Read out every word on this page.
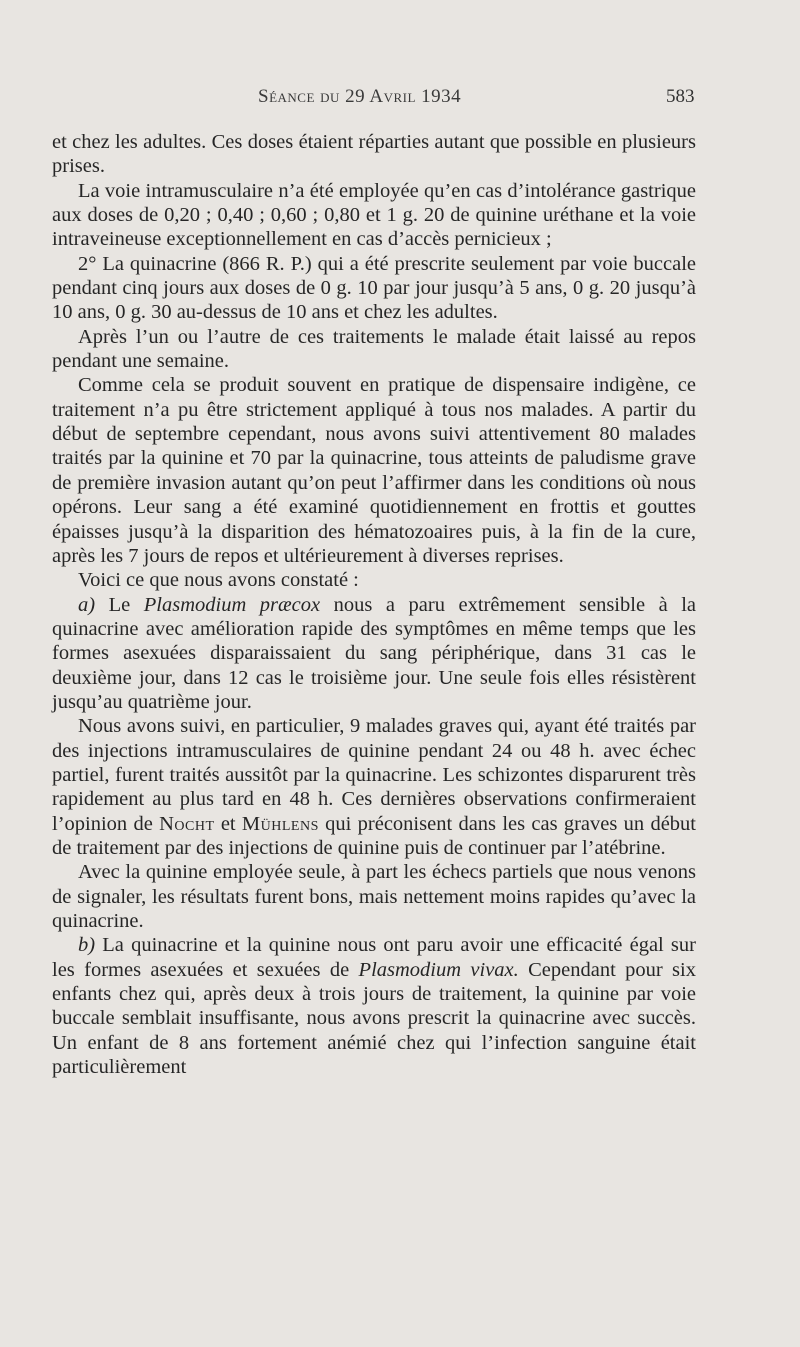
Séance du 29 Avril 1934	583

et chez les adultes. Ces doses étaient réparties autant que possible en plusieurs prises.

La voie intramusculaire n’a été employée qu’en cas d’intolérance gastrique aux doses de 0,20 ; 0,40 ; 0,60 ; 0,80 et 1 g. 20 de quinine uréthane et la voie intraveineuse exceptionnellement en cas d’accès pernicieux ;

2° La quinacrine (866 R. P.) qui a été prescrite seulement par voie buccale pendant cinq jours aux doses de 0 g. 10 par jour jusqu’à 5 ans, 0 g. 20 jusqu’à 10 ans, 0 g. 30 au-dessus de 10 ans et chez les adultes.

Après l’un ou l’autre de ces traitements le malade était laissé au repos pendant une semaine.

Comme cela se produit souvent en pratique de dispensaire indigène, ce traitement n’a pu être strictement appliqué à tous nos malades. A partir du début de septembre cependant, nous avons suivi attentivement 80 malades traités par la quinine et 70 par la quinacrine, tous atteints de paludisme grave de première invasion autant qu’on peut l’affirmer dans les conditions où nous opérons. Leur sang a été examiné quotidiennement en frottis et gouttes épaisses jusqu’à la disparition des hématozoaires puis, à la fin de la cure, après les 7 jours de repos et ultérieurement à diverses reprises.

Voici ce que nous avons constaté :

a) Le Plasmodium præcox nous a paru extrêmement sensible à la quinacrine avec amélioration rapide des symptômes en même temps que les formes asexuées disparaissaient du sang périphérique, dans 31 cas le deuxième jour, dans 12 cas le troisième jour. Une seule fois elles résistèrent jusqu’au quatrième jour.

Nous avons suivi, en particulier, 9 malades graves qui, ayant été traités par des injections intramusculaires de quinine pendant 24 ou 48 h. avec échec partiel, furent traités aussitôt par la quinacrine. Les schizontes disparurent très rapidement au plus tard en 48 h. Ces dernières observations confirmeraient l’opinion de Nocht et Mühlens qui préconisent dans les cas graves un début de traitement par des injections de quinine puis de continuer par l’atébrine.

Avec la quinine employée seule, à part les échecs partiels que nous venons de signaler, les résultats furent bons, mais nettement moins rapides qu’avec la quinacrine.

b) La quinacrine et la quinine nous ont paru avoir une efficacité égal sur les formes asexuées et sexuées de Plasmodium vivax. Cependant pour six enfants chez qui, après deux à trois jours de traitement, la quinine par voie buccale semblait insuffisante, nous avons prescrit la quinacrine avec succès. Un enfant de 8 ans fortement anémié chez qui l’infection sanguine était particulièrement
